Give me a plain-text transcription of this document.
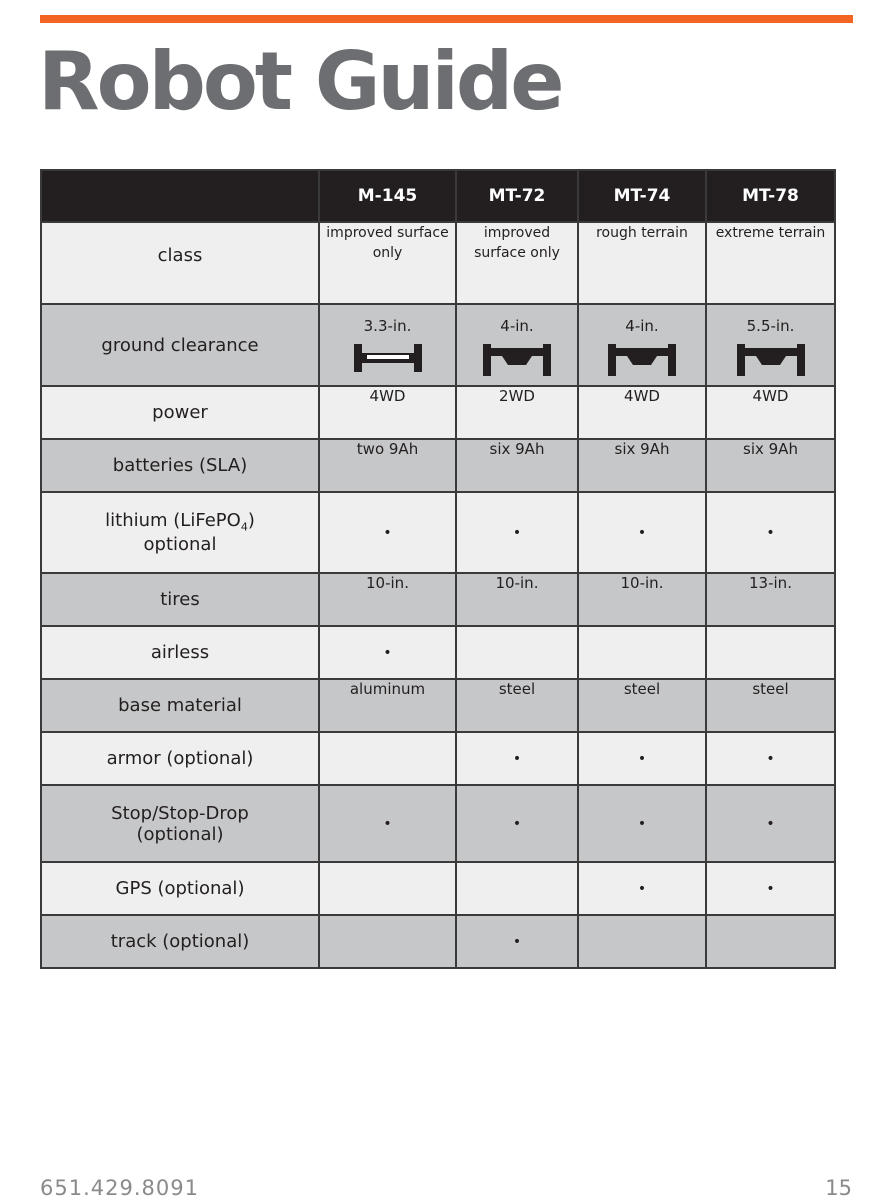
Robot Guide
	M-145	MT-72	MT-74	MT-78
class	improved surface only	improved surface only	rough terrain	extreme terrain
ground clearance	3.3-in.	4-in.	4-in.	5.5-in.

power	4WD	2WD	4WD	4WD
batteries (SLA)	two 9Ah	six 9Ah	six 9Ah	six 9Ah
lithium (LiFePO$_4$)
optional	•	•	•	•
tires	10-in.	10-in.	10-in.	13-in.
airless	•			
base material	aluminum	steel	steel	steel
armor (optional)		•	•	•
Stop/Stop-Drop
(optional)	•	•	•	•
GPS (optional)			•	•
track (optional)		•		
651.429.8091	15
